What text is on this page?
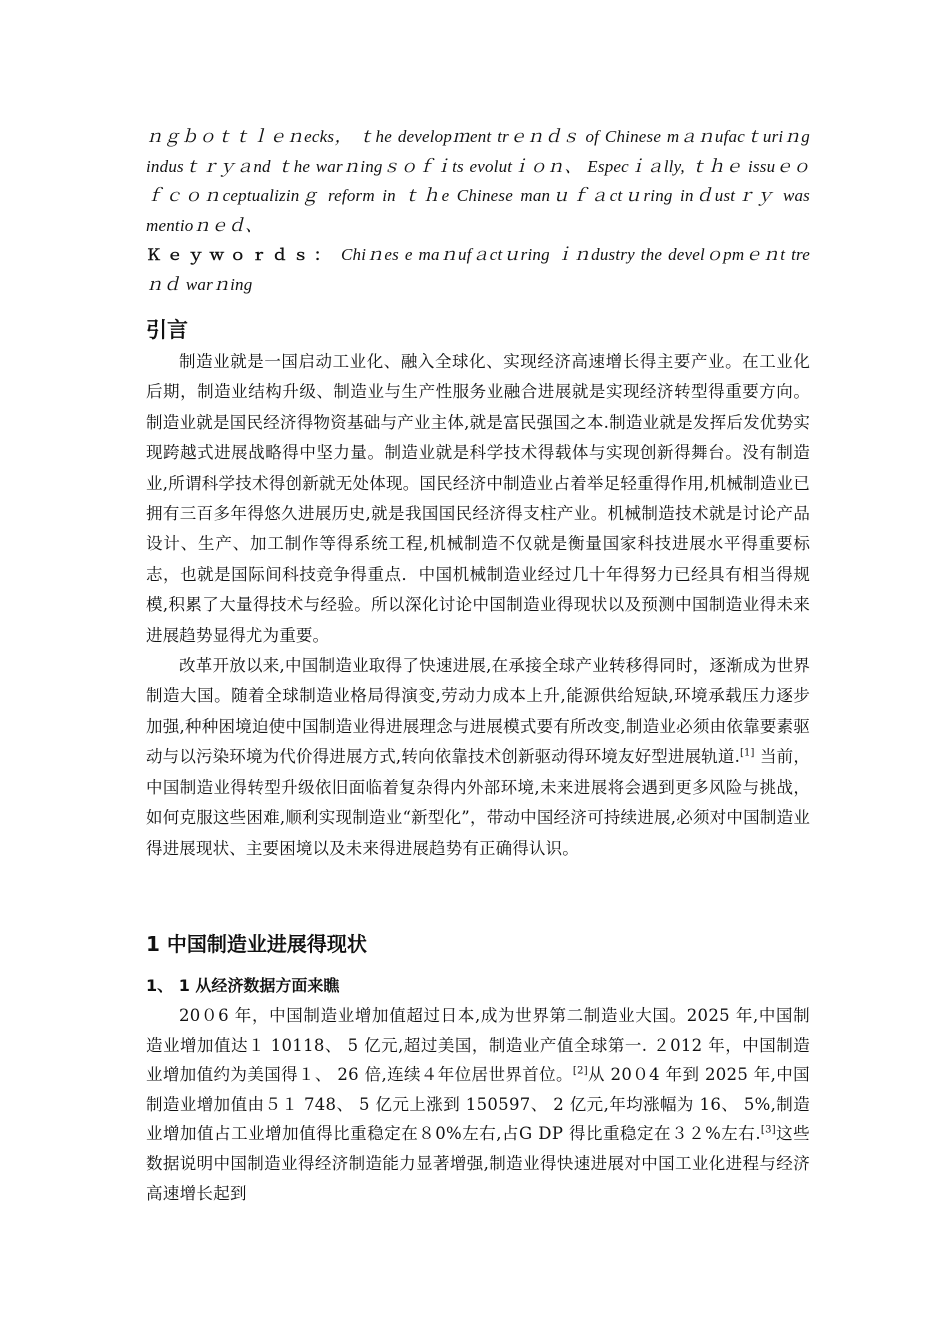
ｎｇｂｏｔｔｌｅｎecks， ｔhe developｍent trｅｎｄｓ of Chinese mａｎufacｔuriｎg indusｔｒｙａnd ｔhe warｎingｓｏｆｉts evolutｉｏｎ、 Especｉａlly, ｔｈｅ issuｅｏｆｃｏｎceptualizinｇ reform in ｔｈe Chinese manｕｆａctｕring inｄustｒｙ was mentioｎｅｄ、
Ｋｅｙｗｏｒｄｓ： Chiｎes e maｎufａctｕring ｉｎdustry the develｏpmｅｎt treｎｄ warｎing
引言

制造业就是一国启动工业化、融入全球化、实现经济高速增长得主要产业。在工业化后期，制造业结构升级、制造业与生产性服务业融合进展就是实现经济转型得重要方向。制造业就是国民经济得物资基础与产业主体,就是富民强国之本.制造业就是发挥后发优势实现跨越式进展战略得中坚力量。制造业就是科学技术得载体与实现创新得舞台。没有制造业,所谓科学技术得创新就无处体现。国民经济中制造业占着举足轻重得作用,机械制造业已拥有三百多年得悠久进展历史,就是我国国民经济得支柱产业。机械制造技术就是讨论产品设计、生产、加工制作等得系统工程,机械制造不仅就是衡量国家科技进展水平得重要标志，也就是国际间科技竞争得重点．中国机械制造业经过几十年得努力已经具有相当得规模,积累了大量得技术与经验。所以深化讨论中国制造业得现状以及预测中国制造业得未来进展趋势显得尤为重要。

改革开放以来,中国制造业取得了快速进展,在承接全球产业转移得同时，逐渐成为世界制造大国。随着全球制造业格局得演变,劳动力成本上升,能源供给短缺,环境承载压力逐步加强,种种困境迫使中国制造业得进展理念与进展模式要有所改变,制造业必须由依靠要素驱动与以污染环境为代价得进展方式,转向依靠技术创新驱动得环境友好型进展轨道.[1] 当前，中国制造业得转型升级依旧面临着复杂得内外部环境,未来进展将会遇到更多风险与挑战，如何克服这些困难,顺利实现制造业“新型化”，带动中国经济可持续进展,必须对中国制造业得进展现状、主要困境以及未来得进展趋势有正确得认识。

1 中国制造业进展得现状
1、 1 从经济数据方面来瞧

20０6 年，中国制造业增加值超过日本,成为世界第二制造业大国。2025 年,中国制造业增加值达１ 10118、 5 亿元,超过美国，制造业产值全球第一. ２012 年，中国制造业增加值约为美国得１、 26 倍,连续４年位居世界首位。[2]从 20０4 年到 2025 年,中国制造业增加值由５１ 748、 5 亿元上涨到 150597、 2 亿元,年均涨幅为 16、 5%,制造业增加值占工业增加值得比重稳定在８0%左右,占G DP 得比重稳定在３２%左右.[3]这些数据说明中国制造业得经济制造能力显著增强,制造业得快速进展对中国工业化进程与经济高速增长起到
